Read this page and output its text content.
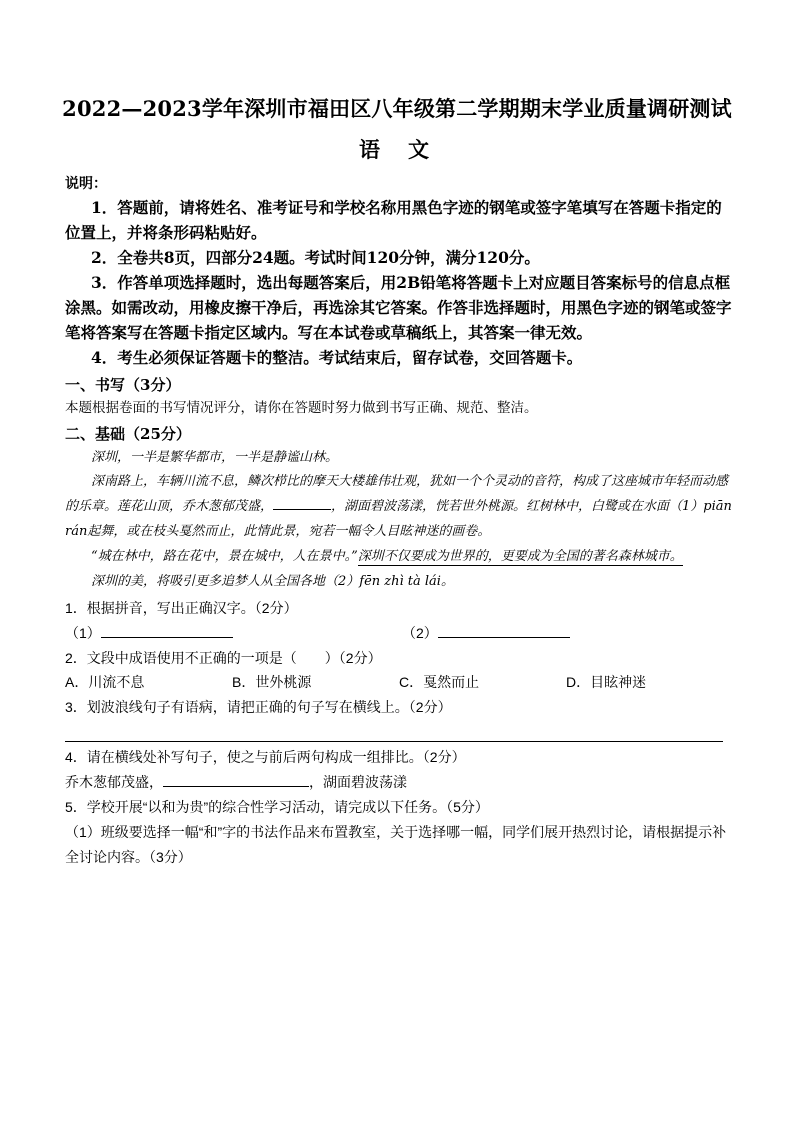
2022—2023学年深圳市福田区八年级第二学期期末学业质量调研测试
语文
说明：

1．答题前，请将姓名、准考证号和学校名称用黑色字迹的钢笔或签字笔填写在答题卡指定的位置上，并将条形码粘贴好。

2．全卷共8页，四部分24题。考试时间120分钟，满分120分。

3．作答单项选择题时，选出每题答案后，用2B铅笔将答题卡上对应题目答案标号的信息点框涂黑。如需改动，用橡皮擦干净后，再选涂其它答案。作答非选择题时，用黑色字迹的钢笔或签字笔将答案写在答题卡指定区域内。写在本试卷或草稿纸上，其答案一律无效。

4．考生必须保证答题卡的整洁。考试结束后，留存试卷，交回答题卡。

一、书写（3分）

本题根据卷面的书写情况评分，请你在答题时努力做到书写正确、规范、整洁。

二、基础（25分）

深圳，一半是繁华都市，一半是静谧山林。

深南路上，车辆川流不息，鳞次栉比的摩天大楼雄伟壮观，犹如一个个灵动的音符，构成了这座城市年轻而动感的乐章。莲花山顶，乔木葱郁茂盛，	，湖面碧波荡漾，恍若世外桃源。红树林中，白鹭或在水面（1）piān rán起舞，或在枝头戛然而止，此情此景，宛若一幅令人目眩神迷的画卷。

“城在林中，路在花中，景在城中，人在景中。”深圳不仅要成为世界的，更要成为全国的著名森林城市。

深圳的美，将吸引更多追梦人从全国各地（2）fēn zhì tà lái。

1．根据拼音，写出正确汉字。（2分）
（1）	（2）
2．文段中成语使用不正确的一项是（　　）（2分）
A．川流不息	B．世外桃源	C．戛然而止	D．目眩神迷
3．划波浪线句子有语病，请把正确的句子写在横线上。（2分）
4．请在横线处补写句子，使之与前后两句构成一组排比。（2分）
乔木葱郁茂盛，	，湖面碧波荡漾
5．学校开展“以和为贵”的综合性学习活动，请完成以下任务。（5分）

（1）班级要选择一幅“和”字的书法作品来布置教室，关于选择哪一幅，同学们展开热烈讨论，请根据提示补全讨论内容。（3分）
